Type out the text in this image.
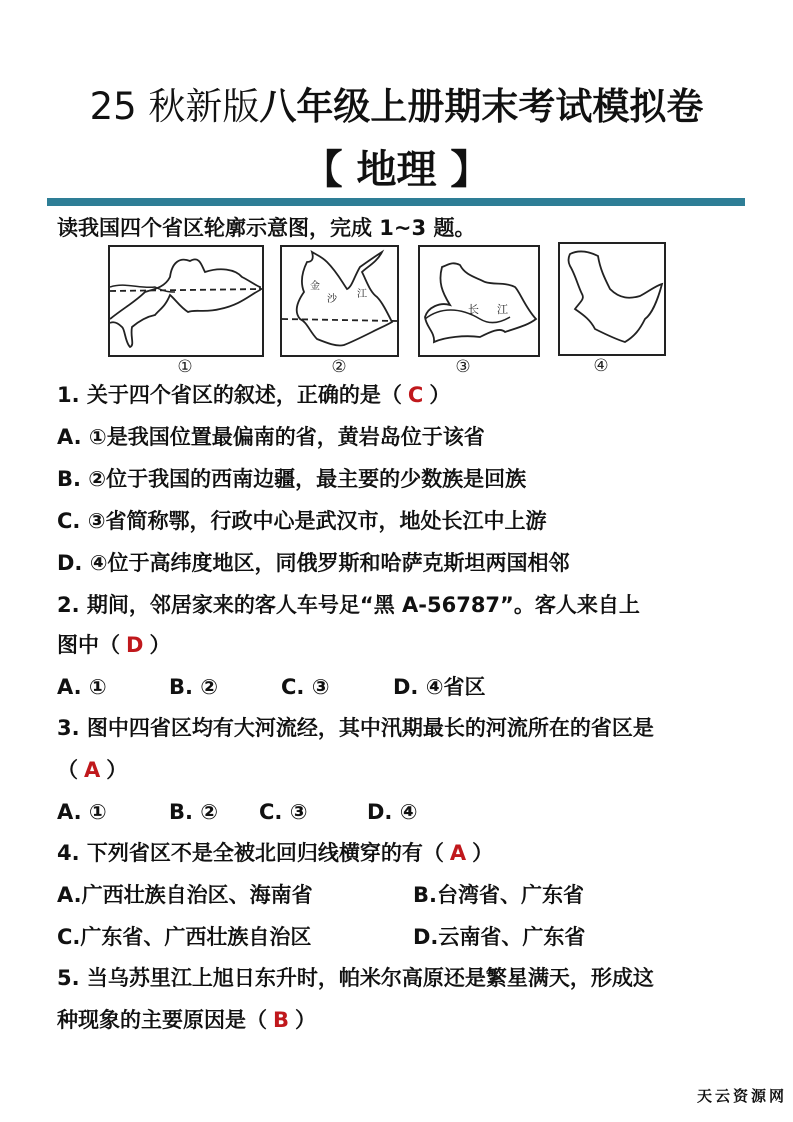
25 秋新版八年级上册期末考试模拟卷
【 地理 】
读我国四个省区轮廓示意图，完成 1~3 题。
①
金
沙 江
②
长 江
③	④
1. 关于四个省区的叙述，正确的是（ C ）
A. ①是我国位置最偏南的省，黄岩岛位于该省
B. ②位于我国的西南边疆，最主要的少数族是回族
C. ③省简称鄂，行政中心是武汉市，地处长江中上游
D. ④位于高纬度地区，同俄罗斯和哈萨克斯坦两国相邻
2. 期间，邻居家来的客人车号足“黑 A-56787”。客人来自上
图中（ D ）
A. ①	B. ②	C. ③	D. ④省区
3. 图中四省区均有大河流经，其中汛期最长的河流所在的省区是
（ A ）
A. ①	B. ② C. ③	D. ④
4. 下列省区不是全被北回归线横穿的有（ A ）
A.广西壮族自治区、海南省	B.台湾省、广东省
C.广东省、广西壮族自治区	D.云南省、广东省
5. 当乌苏里江上旭日东升时，帕米尔高原还是繁星满天，形成这
种现象的主要原因是（ B ）
天云资源网
